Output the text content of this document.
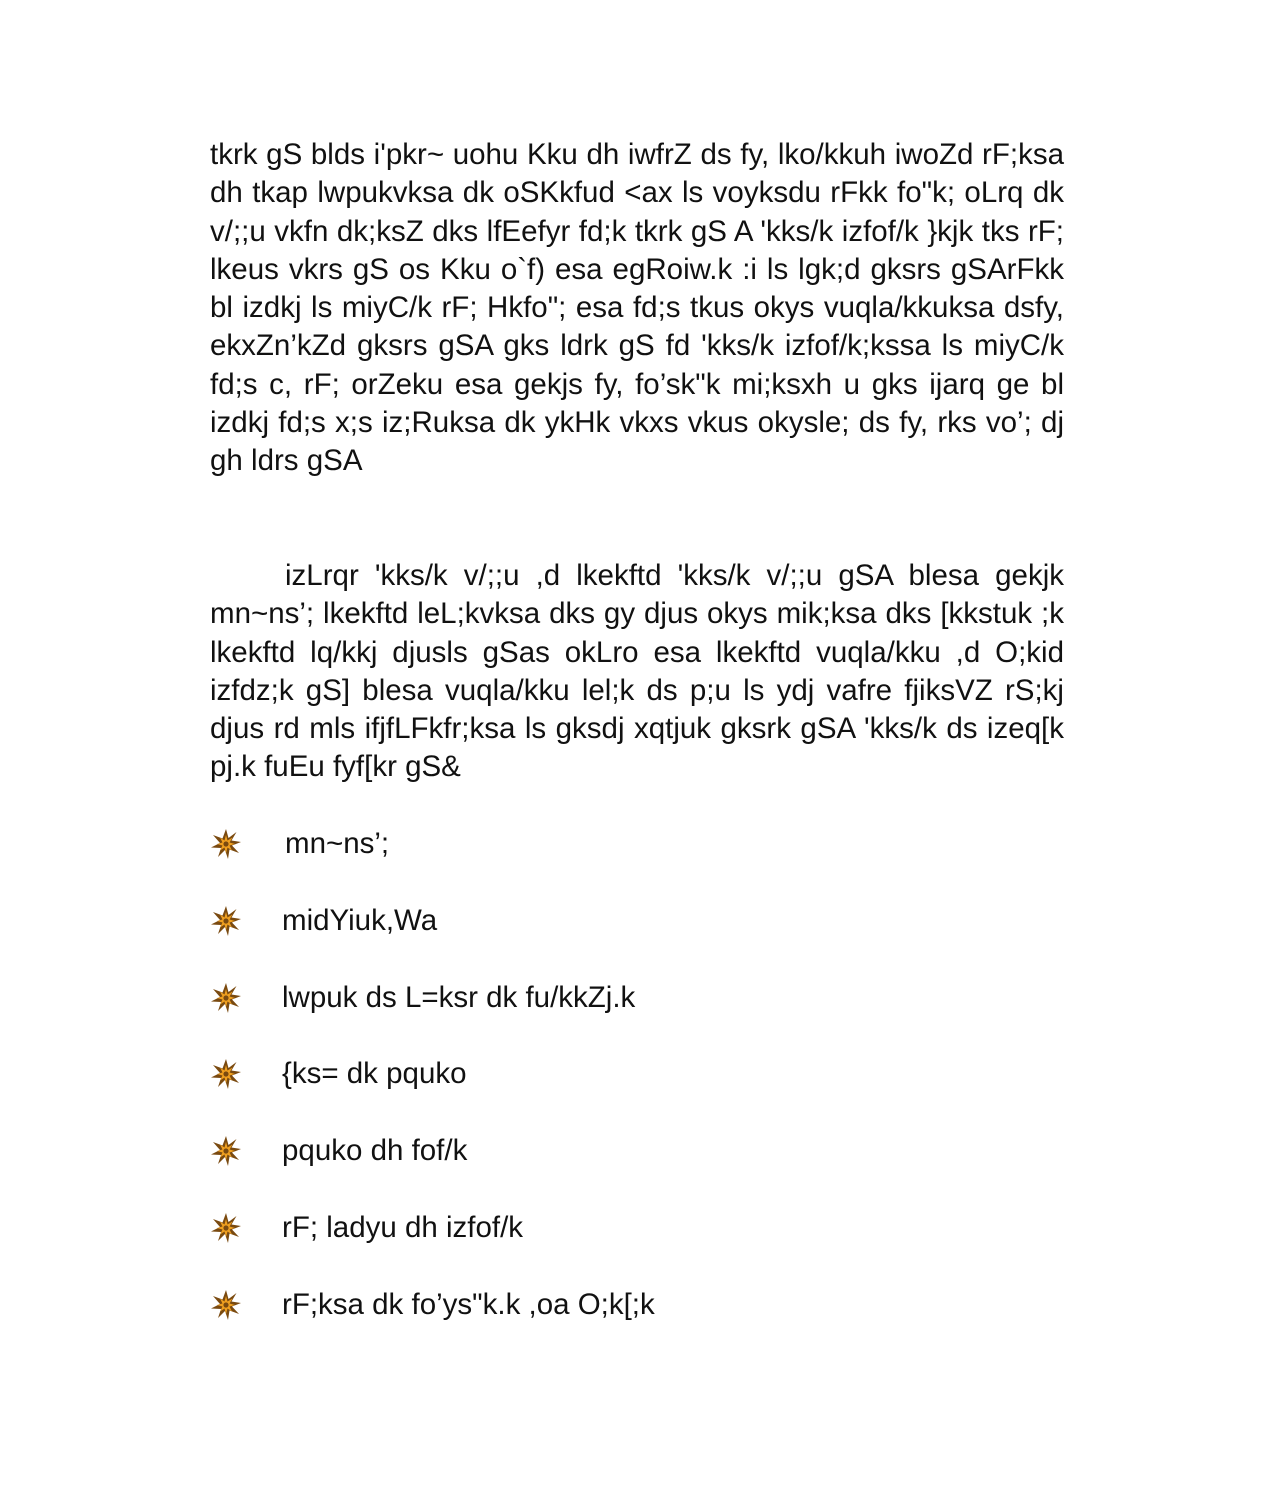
tkrk gS blds i'pkr~ uohu Kku dh iwfrZ ds fy, lko/kkuh iwoZd rF;ksa dh tkap lwpukvksa dk oSKkfud <ax ls voyksdu rFkk fo"k; oLrq dk v/;;u vkfn dk;ksZ dks lfEefyr fd;k tkrk gS A 'kks/k izfof/k }kjk tks rF; lkeus vkrs gS os Kku o`f) esa egRoiw.k :i ls lgk;d gksrs gSArFkk bl izdkj ls miyC/k rF; Hkfo"; esa fd;s tkus okys vuqla/kkuksa dsfy, ekxZn’kZd gksrs gSA gks ldrk gS fd 'kks/k izfof/k;kssa ls miyC/k fd;s c, rF; orZeku esa gekjs fy, fo’sk"k mi;ksxh u gks ijarq ge bl izdkj fd;s x;s iz;Ruksa dk ykHk vkxs vkus okysle; ds fy, rks vo’; dj gh ldrs gSA

izLrqr 'kks/k v/;;u ,d lkekftd 'kks/k v/;;u gSA blesa gekjk mn~ns’; lkekftd leL;kvksa dks gy djus okys mik;ksa dks [kkstuk ;k lkekftd lq/kkj djusls gSas okLro esa lkekftd vuqla/kku ,d O;kid izfdz;k gS] blesa vuqla/kku lel;k ds p;u ls ydj vafre fjiksVZ rS;kj djus rd mls ifjfLFkfr;ksa ls gksdj xqtjuk gksrk gSA 'kks/k ds izeq[k pj.k fuEu fyf[kr gS&

mn~ns’;
midYiuk,Wa
lwpuk ds L=ksr dk fu/kkZj.k
{ks= dk pquko
pquko dh fof/k
rF; ladyu dh izfof/k
rF;ksa dk fo’ys"k.k ,oa O;k[;k
